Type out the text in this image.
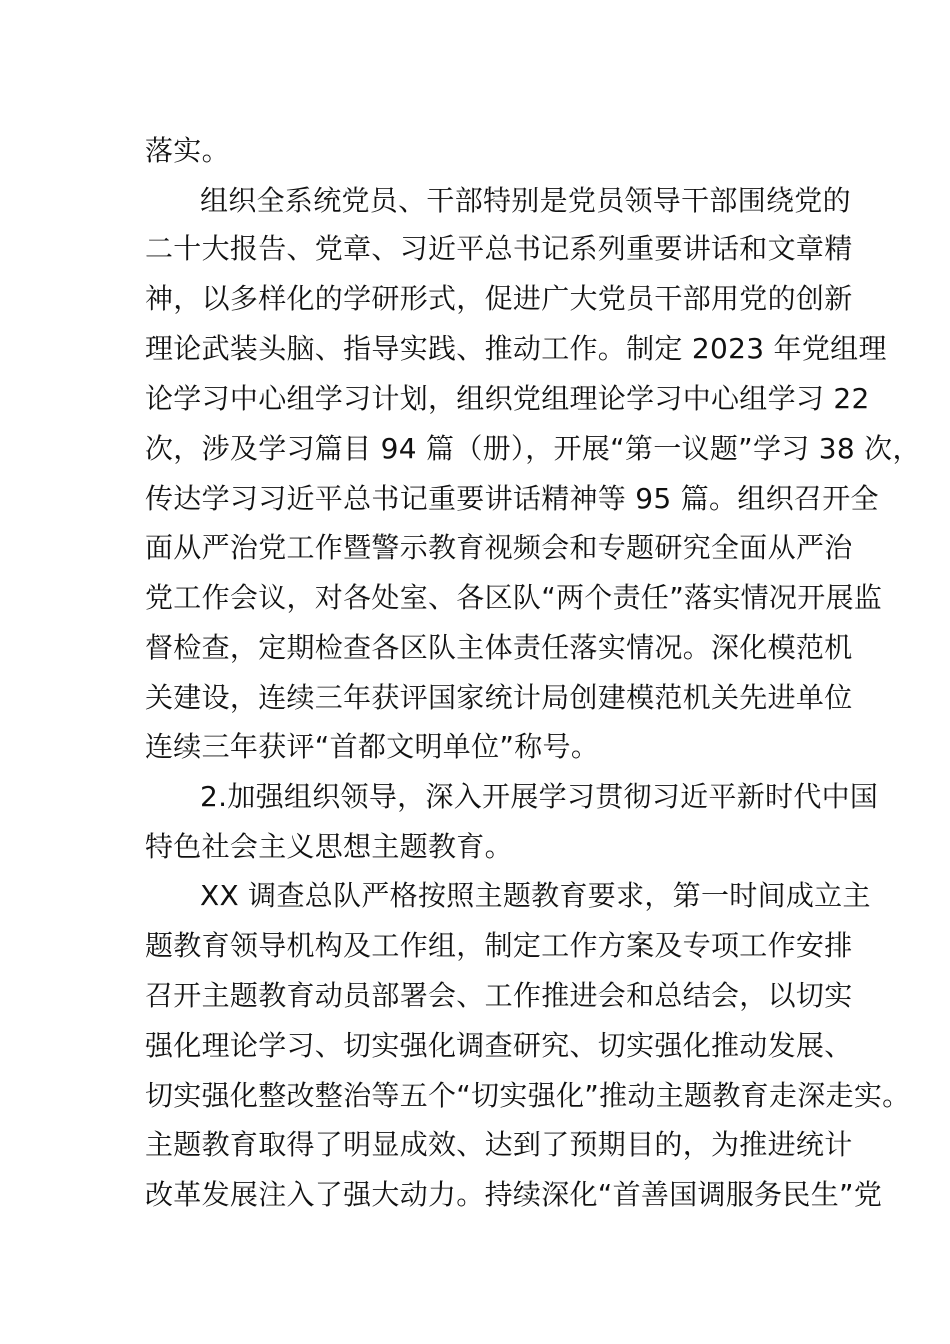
落实。
组织全系统党员、干部特别是党员领导干部围绕党的
二十大报告、党章、习近平总书记系列重要讲话和文章精
神，以多样化的学研形式，促进广大党员干部用党的创新
理论武装头脑、指导实践、推动工作。制定 2023 年党组理
论学习中心组学习计划，组织党组理论学习中心组学习 22
次，涉及学习篇目 94 篇（册），开展“第一议题”学习 38 次，
传达学习习近平总书记重要讲话精神等 95 篇。组织召开全
面从严治党工作暨警示教育视频会和专题研究全面从严治
党工作会议，对各处室、各区队“两个责任”落实情况开展监
督检查，定期检查各区队主体责任落实情况。深化模范机
关建设，连续三年获评国家统计局创建模范机关先进单位
连续三年获评“首都文明单位”称号。
2.加强组织领导，深入开展学习贯彻习近平新时代中国
特色社会主义思想主题教育。
XX 调查总队严格按照主题教育要求，第一时间成立主
题教育领导机构及工作组，制定工作方案及专项工作安排
召开主题教育动员部署会、工作推进会和总结会，以切实
强化理论学习、切实强化调查研究、切实强化推动发展、
切实强化整改整治等五个“切实强化”推动主题教育走深走实。
主题教育取得了明显成效、达到了预期目的，为推进统计
改革发展注入了强大动力。持续深化“首善国调服务民生”党
